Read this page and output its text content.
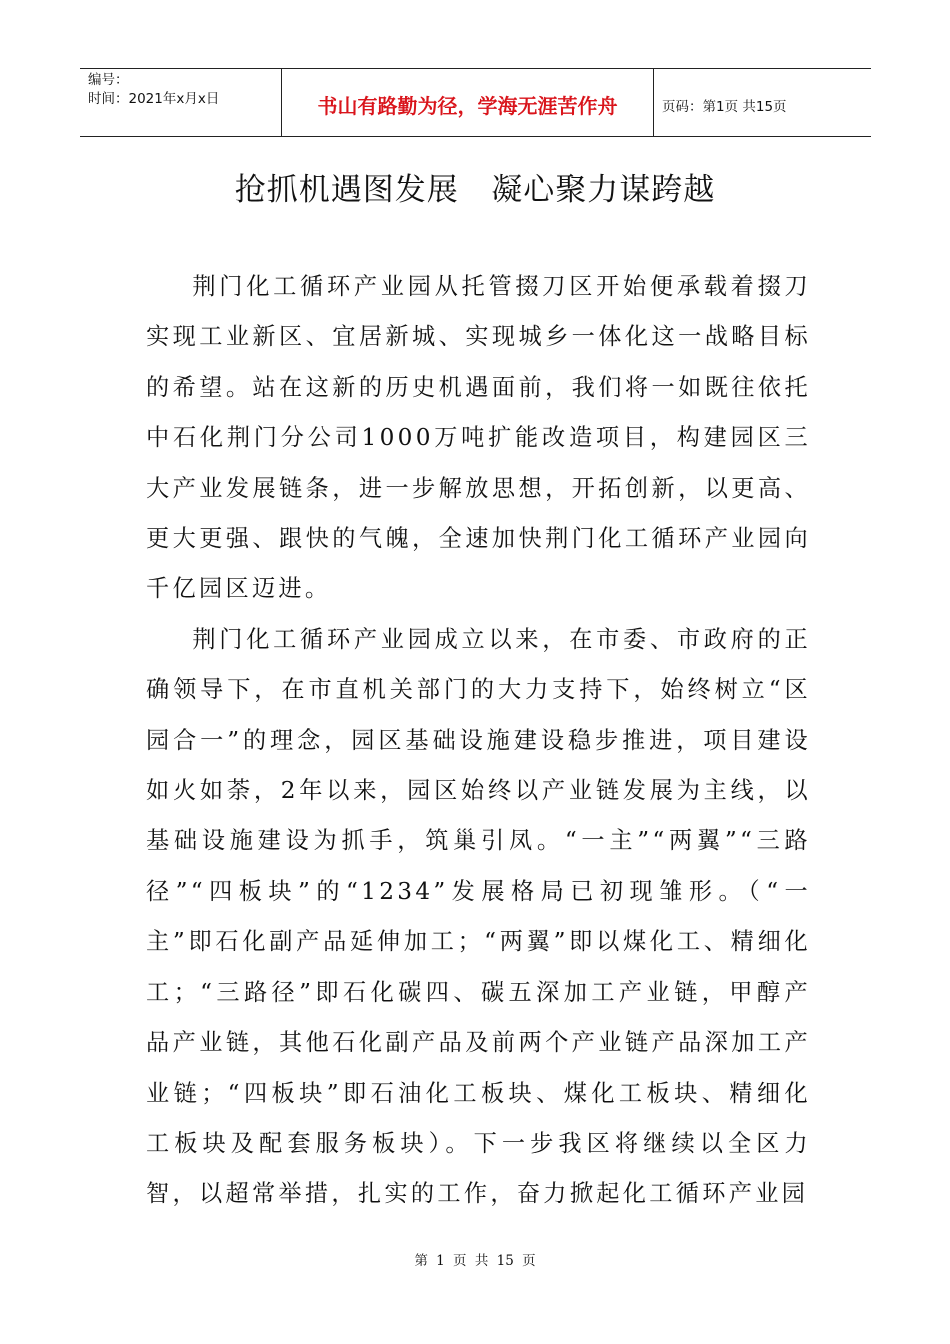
编号：
时间：2021年x月x日	书山有路勤为径，学海无涯苦作舟	页码：第1页 共15页
抢抓机遇图发展   凝心聚力谋跨越

荆门化工循环产业园从托管掇刀区开始便承载着掇刀实现工业新区、宜居新城、实现城乡一体化这一战略目标的希望。站在这新的历史机遇面前，我们将一如既往依托中石化荆门分公司1000万吨扩能改造项目，构建园区三大产业发展链条，进一步解放思想，开拓创新，以更高、更大更强、跟快的气魄，全速加快荆门化工循环产业园向千亿园区迈进。

荆门化工循环产业园成立以来，在市委、市政府的正确领导下，在市直机关部门的大力支持下，始终树立“区园合一”的理念，园区基础设施建设稳步推进，项目建设如火如荼，2年以来，园区始终以产业链发展为主线，以基础设施建设为抓手，筑巢引凤。“一主”“两翼”“三路径”“四板块”的“1234”发展格局已初现雏形。（“一主”即石化副产品延伸加工；“两翼”即以煤化工、精细化工；“三路径”即石化碳四、碳五深加工产业链，甲醇产品产业链，其他石化副产品及前两个产业链产品深加工产业链；“四板块”即石油化工板块、煤化工板块、精细化工板块及配套服务板块）。下一步我区将继续以全区力智，以超常举措，扎实的工作，奋力掀起化工循环产业园

第 1 页 共 15 页
